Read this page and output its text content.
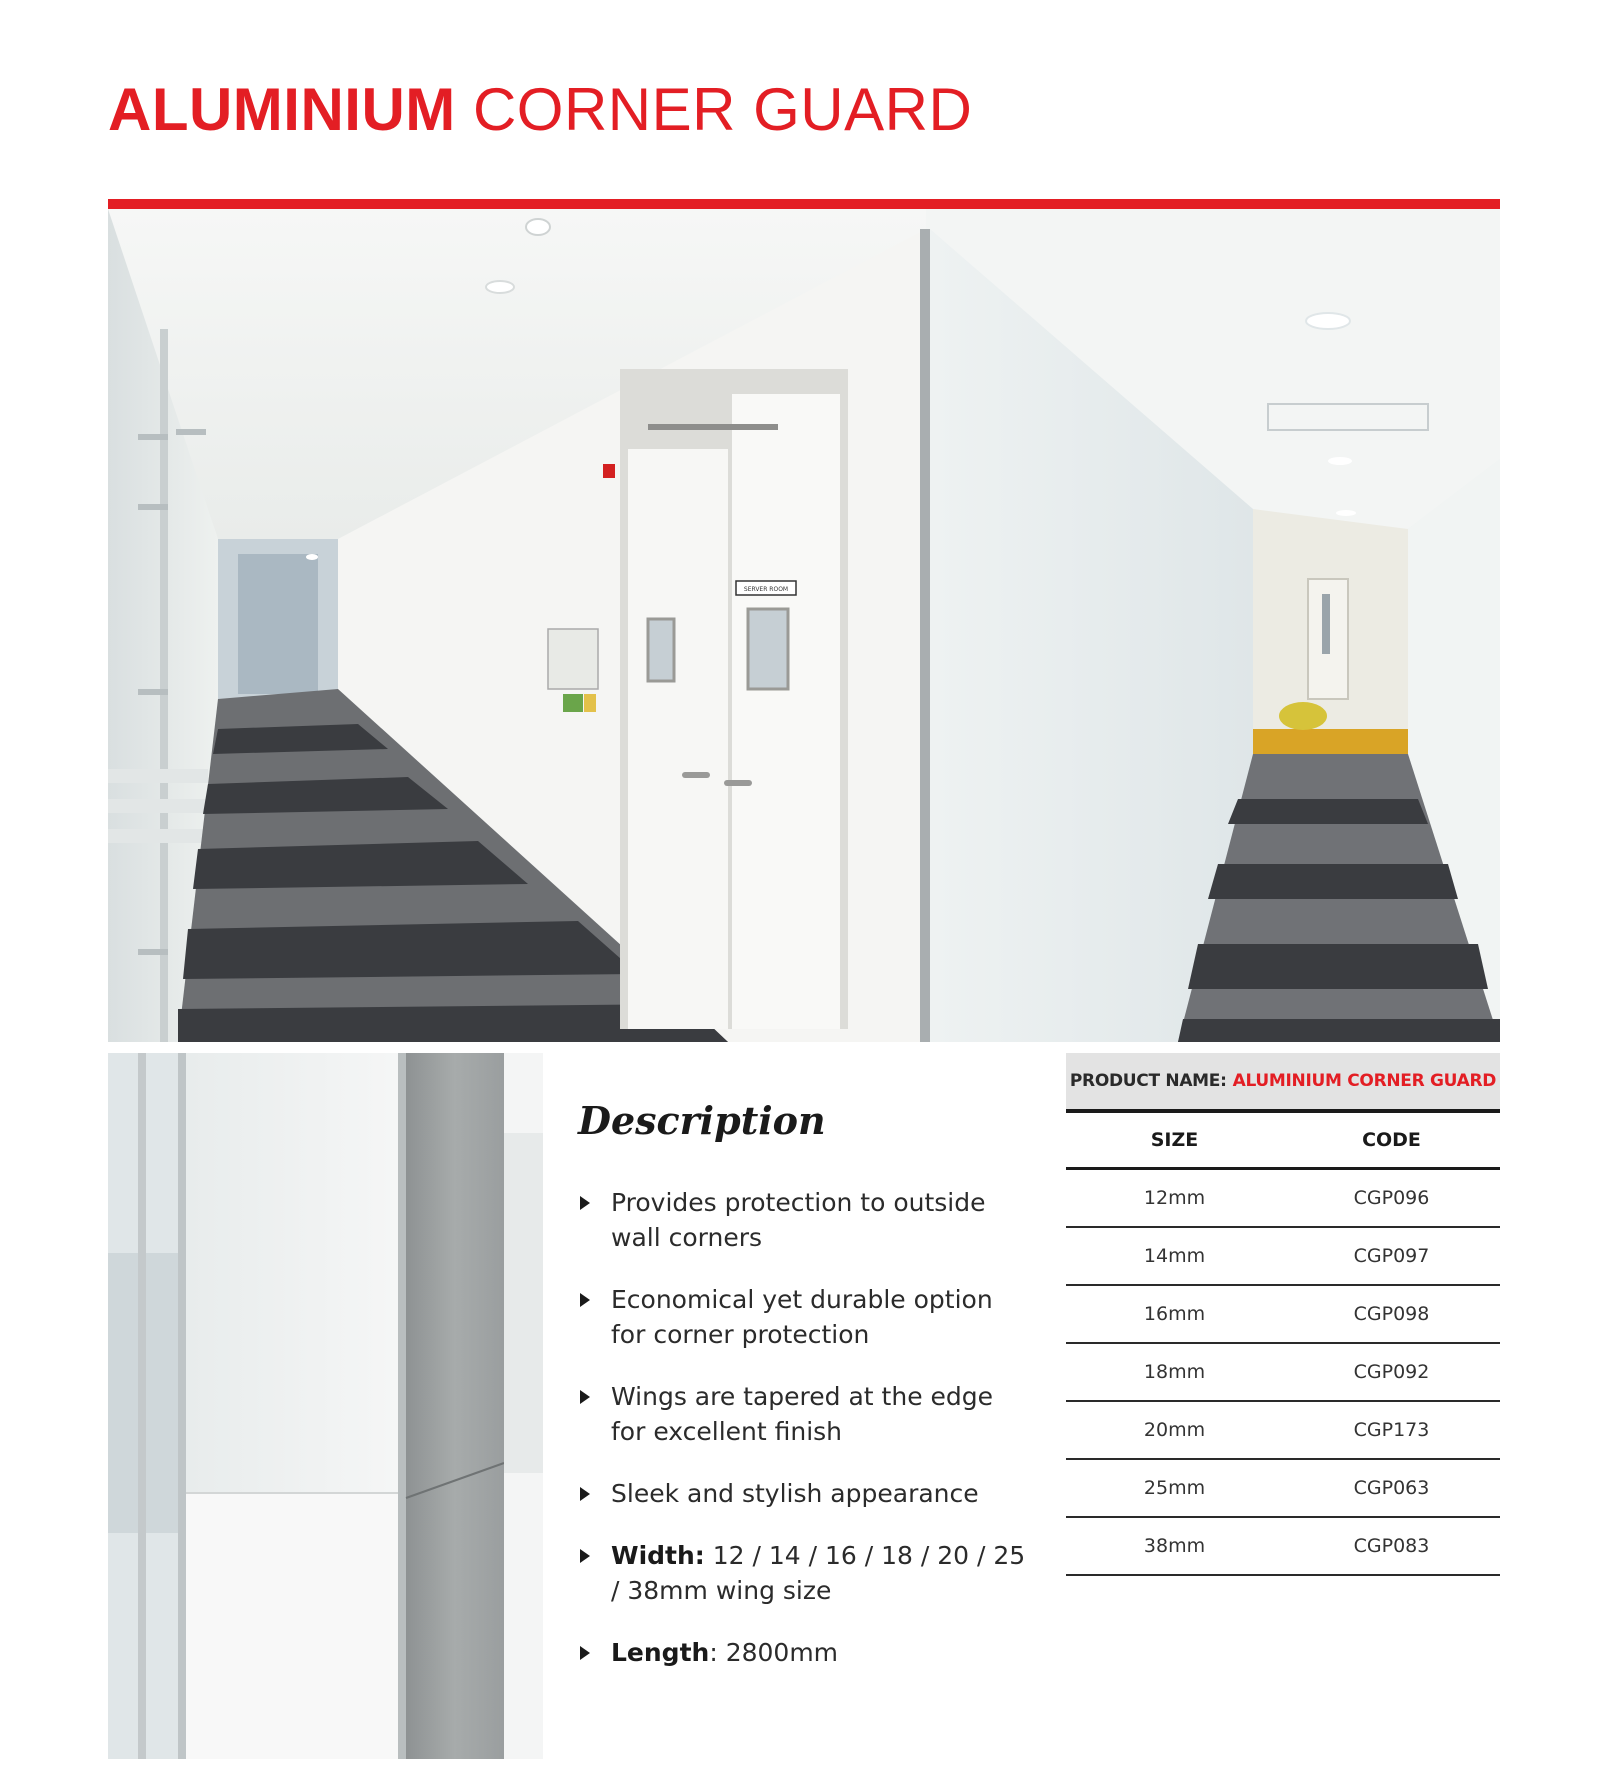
ALUMINIUM CORNER GUARD
SERVER ROOM
Description
Provides protection to outside wall corners
Economical yet durable option for corner protection
Wings are tapered at the edge for excellent finish
Sleek and stylish appearance
Width: 12 / 14 / 16 / 18 / 20 / 25 / 38mm wing size
Length: 2800mm
PRODUCT NAME: ALUMINIUM CORNER GUARD
SIZE	CODE
12mm	CGP096
14mm	CGP097
16mm	CGP098
18mm	CGP092
20mm	CGP173
25mm	CGP063
38mm	CGP083
